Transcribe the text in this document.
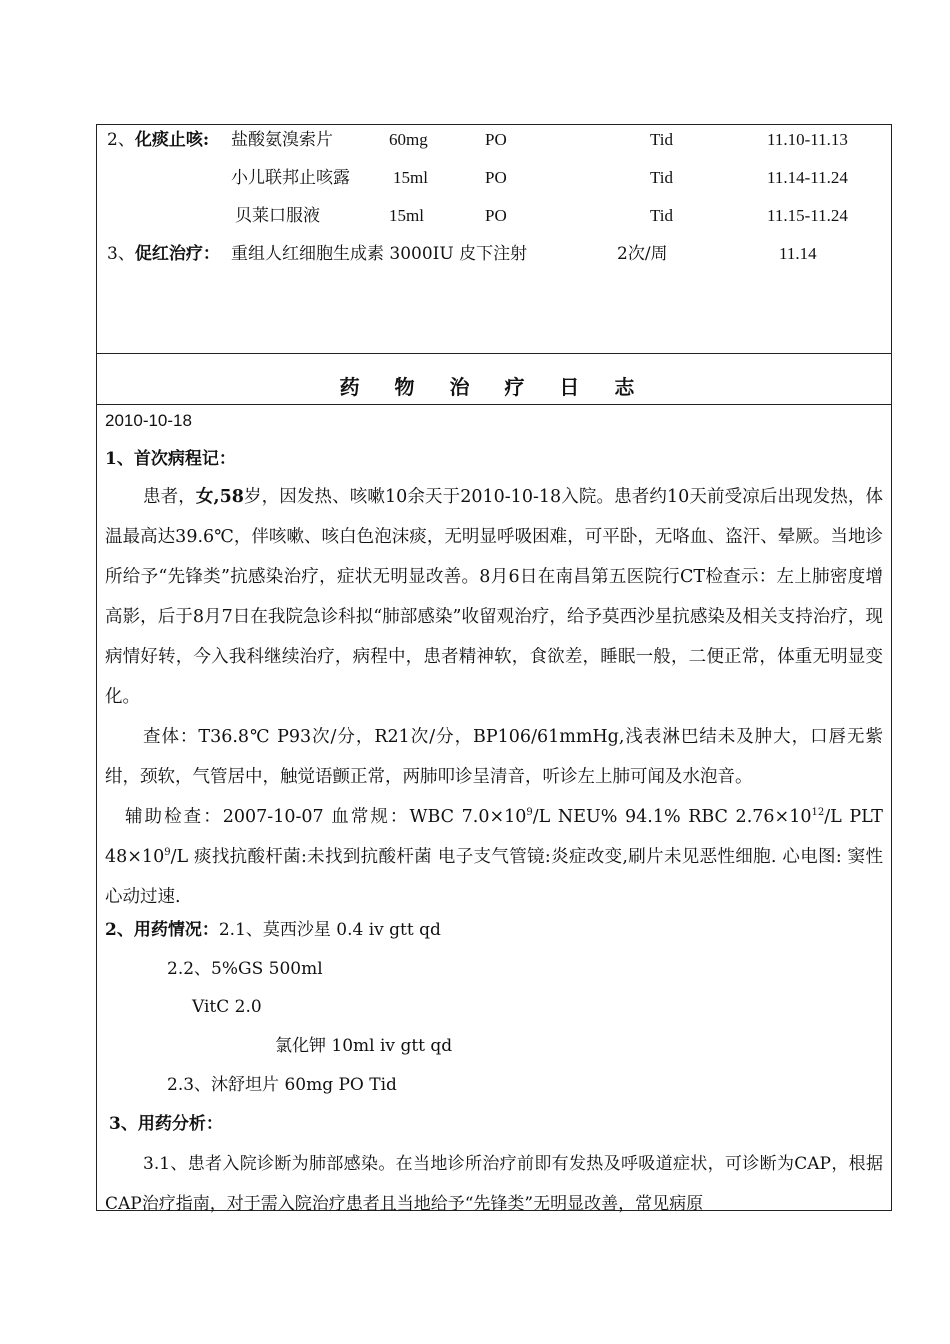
2、化痰止咳: 盐酸氨溴索片	60mg	PO	Tid	11.10-11.13
小儿联邦止咳露	15ml	PO	Tid	11.14-11.24
贝莱口服液	15ml	PO	Tid	11.15-11.24
3、促红治疗： 重组人红细胞生成素 3000IU 皮下注射	2次/周	11.14
药 物 治 疗 日 志
2010-10-18
1、首次病程记：
患者，女,58岁，因发热、咳嗽10余天于2010-10-18入院。患者约10天前受凉后出现发热，体温最高达39.6℃，伴咳嗽、咳白色泡沫痰，无明显呼吸困难，可平卧，无咯血、盗汗、晕厥。当地诊所给予“先锋类”抗感染治疗，症状无明显改善。8月6日在南昌第五医院行CT检查示：左上肺密度增高影，后于8月7日在我院急诊科拟“肺部感染”收留观治疗，给予莫西沙星抗感染及相关支持治疗，现病情好转，今入我科继续治疗，病程中，患者精神软，食欲差，睡眠一般，二便正常，体重无明显变化。
查体：T36.8℃ P93次/分，R21次/分，BP106/61mmHg,浅表淋巴结未及肿大，口唇无紫绀，颈软，气管居中，触觉语颤正常，两肺叩诊呈清音，听诊左上肺可闻及水泡音。
辅助检查：2007-10-07 血常规：WBC $7.0\times 10^9/L$ NEU% 94.1% RBC $2.76\times 10^{12}/L$ PLT $48\times 10^9/L$ 痰找抗酸杆菌:未找到抗酸杆菌 电子支气管镜:炎症改变,刷片未见恶性细胞. 心电图: 窦性心动过速.
2、用药情况：2.1、莫西沙星 0.4 iv gtt qd
2.2、5%GS 500ml
VitC 2.0
氯化钾 10ml iv gtt qd
2.3、沐舒坦片 60mg PO Tid
3、用药分析：
3.1、患者入院诊断为肺部感染。在当地诊所治疗前即有发热及呼吸道症状，可诊断为CAP，根据CAP治疗指南，对于需入院治疗患者且当地给予“先锋类”无明显改善，常见病原
